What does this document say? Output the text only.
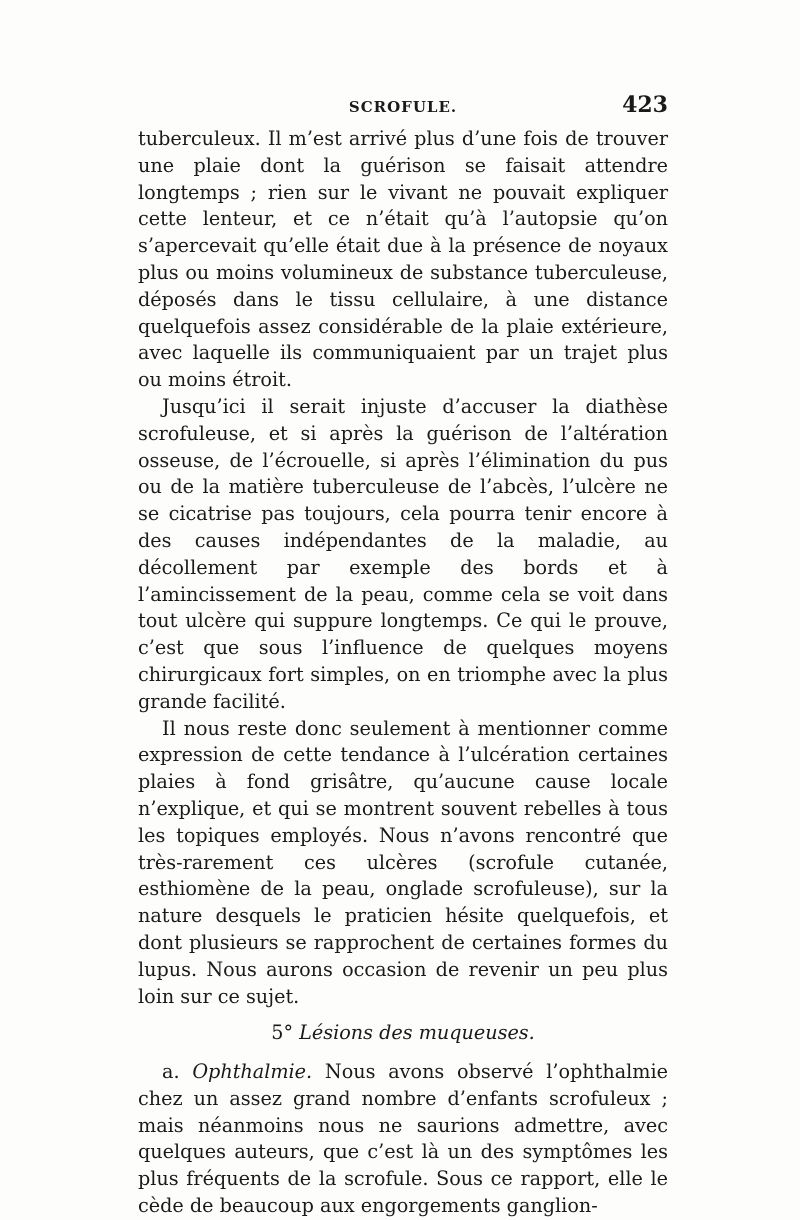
SCROFULE.	423

tuberculeux. Il m’est arrivé plus d’une fois de trouver une plaie dont la guérison se faisait attendre longtemps ; rien sur le vivant ne pouvait expliquer cette lenteur, et ce n’était qu’à l’autopsie qu’on s’apercevait qu’elle était due à la présence de noyaux plus ou moins volumineux de substance tuberculeuse, déposés dans le tissu cellulaire, à une distance quelquefois assez considérable de la plaie extérieure, avec laquelle ils communiquaient par un trajet plus ou moins étroit.

Jusqu’ici il serait injuste d’accuser la diathèse scrofuleuse, et si après la guérison de l’altération osseuse, de l’écrouelle, si après l’élimination du pus ou de la matière tuberculeuse de l’abcès, l’ulcère ne se cicatrise pas toujours, cela pourra tenir encore à des causes indépendantes de la maladie, au décollement par exemple des bords et à l’amincissement de la peau, comme cela se voit dans tout ulcère qui suppure longtemps. Ce qui le prouve, c’est que sous l’influence de quelques moyens chirurgicaux fort simples, on en triomphe avec la plus grande facilité.

Il nous reste donc seulement à mentionner comme expression de cette tendance à l’ulcération certaines plaies à fond grisâtre, qu’aucune cause locale n’explique, et qui se montrent souvent rebelles à tous les topiques employés. Nous n’avons rencontré que très-rarement ces ulcères (scrofule cutanée, esthiomène de la peau, onglade scrofuleuse), sur la nature desquels le praticien hésite quelquefois, et dont plusieurs se rapprochent de certaines formes du lupus. Nous aurons occasion de revenir un peu plus loin sur ce sujet.

5° Lésions des muqueuses.

a. Ophthalmie. Nous avons observé l’ophthalmie chez un assez grand nombre d’enfants scrofuleux ; mais néanmoins nous ne saurions admettre, avec quelques auteurs, que c’est là un des symptômes les plus fréquents de la scrofule. Sous ce rapport, elle le cède de beaucoup aux engorgements ganglion-
